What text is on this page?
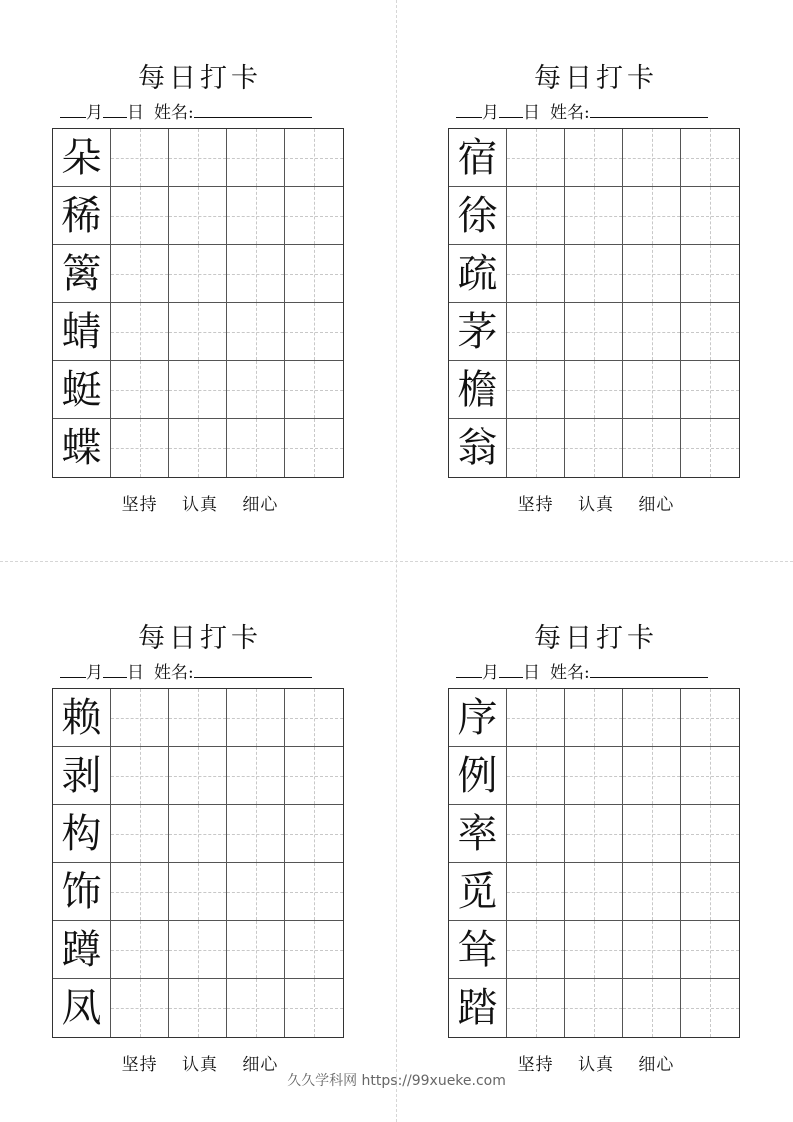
每日打卡
月 日 姓名:
朵
稀
篱
蜻
蜓
蝶
坚持 认真 细心
每日打卡
月 日 姓名:
宿
徐
疏
茅
檐
翁
坚持 认真 细心
每日打卡
月 日 姓名:
赖
剥
构
饰
蹲
凤
坚持 认真 细心
每日打卡
月 日 姓名:
序
例
率
觅
耸
踏
坚持 认真 细心
久久学科网 https://99xueke.com
